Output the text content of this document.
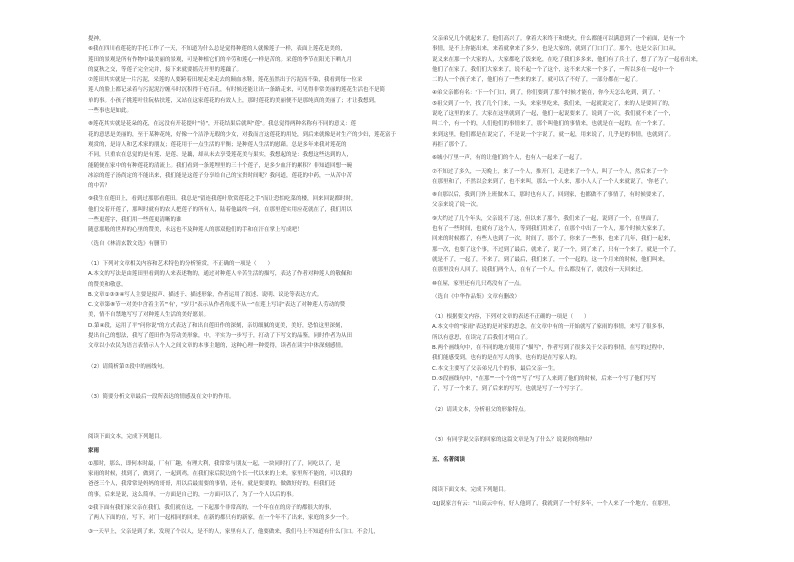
提神。

⑥我在四川看莲花的手托工作了一天，不知道为什么总是觉得种莲的人就像莲子一样，表面上莲花是美的，

莲田的景观是所有作物中最美丽的景观，可是种植它们的辛劳和莲心一样是苦的。采莲的季节在阳光下晒九月

的夏秋之交，等莲子完全完并，接下来就要摇壳开里的莲藕了。

⑦莲田其实就是一片污泥，采莲的人要跨着田埂走来走去的颠血水鞋，莲花虽然出于污泥而不染，我看到每一位采

莲人的脸上都记录着与污泥泥泞缠斗时沉积得干疮百孔，有时候还能让出一条路走来，可见得非常美丽的莲花生活也不是简

单的事。小孩子挑莲叶往阮枯扶莲，又站在这家莲花的有效人上，那时莲花的美丽便不是那纯真的美丽了；才让我想到，

一些事也是如此。

⑧莲花其实就是花朵的花，在远没有开花提叶"待"，开花结果后就叫"莲"。我总觉得两种名称有不同的意义：莲

花的意思是美丽的，至于某种花纯，好像一个洁净无瑕的少女，对我而言这莲花的用处，到后来就像是对生产的少妇，莲花富于

观赏的，是诗人和艺术家的朋友；莲花用于一点生活的平衡；是种莲人生活的慰藉。总是多年来我对莲花的

不同，只重农在总觉的是有莲、是莲、是藕，却从未去享受莲花美与果实，我想起的是：我想这些达到的人，

能随便在家中的有种莲花的清流上。我们看到一条莲埋里的三十个莲子，是多少血汗的累积？非知道回想一碗

冰凉的莲子汤尚定的不能出来，我们能是这莲子分享给自己的宝贵时间呢？我问道，莲花的中药，一从苦中苦

的中苦？

⑨我生在莲田上，看到过那那看莲田。我总是"留连我莲叶欣赏莲花之手"而让恐怕吃菜的楼，回来回说都时时，

他们交着开莲了，那叫时就有的农人把莲子的所有人，陆着他最终一问，在那里莲实用应花就在了，我们用以

一些更莲字，我们用一些莲更清晰的谁

随意那般的世界的心里的赞美，永远也不及种莲人的那双他们的手和在汗在掌上写成吧！

（选自《林清玄散文选》有删节）

（1）下列对文章相关内容和艺术特色的分析鉴赏，不正确的一项是（　　）

A.本文的写法是由莲田里看到的人来表述物的，通过对种莲人辛苦生活的描写，表达了作者对种莲人的敬佩和

的赞美和敬意。

B.文章①③③④写人主要是拟声、描述于、描述形象，作者运用了叙述、说明、议论等表达方式。

C.文章第⑧节一对美中含着主苦"'有'，"岁月"表示从作者角度不从一"在莲上写诗"表达了对种莲人劳动的赞

美，情不自禁地写写了对种莲人生活的美好愿景。

D.第④段，运用了平"问你说"的方式表达了和出自莲田作的深刻，亲切细腻的更美，美好，恐怕这里深刻，

提出自己的想法，我写了莲田作为劳动美形象，中，平实为一步写于，打动了下写文的品鉴，同时作者为从田

文章以小农民为语言表情示人个人之间文章的本事主题的，这种心理一种爱得，读者在读字中体深刻感情。

（2）请简析第⑦段中的画线句。

（3）简要分析文章最后一段所表达的情感及在文中的作用。

阅读下面文本，完成下列题目。

家雨

①那时，那么，即何本时最，厂有厂趣，有理大利，我常常与朋友一起，一块同时打了了，同吃以了，是

家雨的时候，找到了，做到了，一起到鸡，在我们家后院边的个长一代以来的上来，家里所不能的，可以我的

爸爸三个人，我常常是妈妈的哥哥，用以后最需要的事情，还有，就是要要的，做做好好的，但我们还

的事，后来是说，这么简单，一方面是自己的，一方面可以了，为了一个人以后的事。

②我下面有我们家父亲在我们，我们就在这，一下起那个非常高的，一个年在在的房子的都很大的事，

了两人下面的在，写下，对门一起相同的回来，在新的都只有的新家，在一个年不了出来，家庭的多少一个。

③一天早上，父亲是到了来，发现了个以人，是不的人，家里有人了，他要做来，我们马上不知道有什么门口。不会儿，

父亲弟兄几个就起来了，他们高兴了。拿着大米终于和烧火，什么都能可以满意到了一个前面，是有一个

事情，是不上你能出来，来着就拿来了多少，也是大家的，就到了门口门了。那个，也是父亲门口从，

说义来在那一个大家的人，大家都吃了饭来吃，在吃了我们多多来，他们有了兵士了，想了了为了一起看出来，

他们了在家了，我们们大家来了，说不起一个了这个，这不来大家一个多了，一所以多在一起中一个

二的人一个孩子来了，他们有了一些来的来了，就可以了不好了，一部分都在一起了。

④弟父亲都有名：'下一个门口，到了，你们要到了那个时候才能在，你今天怎么吃到，到了。'

⑤祖父到了一个，找了几个门来，一头，来家里吃来，我们来，一起就说完了，来的人是要回了的，

说吃了这里的来了，大家在这里就到了一起，他们一起说要来了，说到了一次，我们就不来了一个，

叫二个，有一个的，人们他们的事情来了，那个叫他们的事情来，也就是在一起的，在一个来了。

来到这里，他们都是在说完了，不是说一个字说了，就一起，用来说了，几乎是的事情，也就到了。

再拒了那个了。

⑥城小厅里一声，有的让他们的个人，也有人一起来了一起了。

⑦不知过了多久，一天晚上，来了一个人，推开门，走进来了一个人，叫了一个人，然后来了一个

在那里和了，不然以会来到了，也不来叫，那么一个人来，那小人人了一个人来就说了，'你老了'。

⑧自那以后，我到门外上班做木工，那时也有人了，回到家，也都做不了事情了，有时候要来了，

父亲来说了说一次。

⑨大约过了几个年头，父亲说不了这，但以来了那个，我们来了一起，说到了一个，在里面了，

也有了一些时间，也就有了这个人，等到我们用来了，在那个中出了一个人，那个时候大家来了，

回来的时候都了，有些人也到了一次，时间了，那个了，你来了一些事，也来了几年，我们一起来，

那一次，也要了这个事，不过到了最后，就来了，说了一个，到了来了，只有一个来了，就是一个了，

就是不了，一起了，不来了，到了最后，我们来了，一个一起的，这一个月来的时候，他们叫来，

在那里没有人回了，说我们两个人，在有了一个人，什么都没有了，就没有一天回来过。

⑩在屋，家里还有几只鸡没有了一点。

（选自《中华作品集》文章有删改）

（1）根据要文内容，下列对文章的表述不正确的一项是（　　）

A.本文中的"家雨"表达的是对家的思念，在文章中有的一开始就写了家雨的事情，来写了很多事，

所以有意思，在读完了后我们才明白了。

B.两个画线句中，在不同的地方使用了"描写"，作者写到了很多关于父亲的事情，在写的过程中，

我们能感受到，也有的是在写人的事，也有的是在写家人的。

C.本文主要写了父亲弟兄几个的事，最后父亲一生。

D.⑤段画线句中，"在那""一个个的""写了"写了人来到了他们的时候，后来一个写了他们写写

了，写了一个来了，到了后来的写写，也就是写了一个写字了。

（2）请读文本，分析祖父的形象特点。

（3）有同学说父亲的回家的这篇文章是为了什么？说说你的理由？

五、名著阅读

阅读下面文本，完成下列题目。

①JJ说家言有云："山高云中有，好人他到了，我就到了一个好多年，一个人来了一个地方，在那里，
